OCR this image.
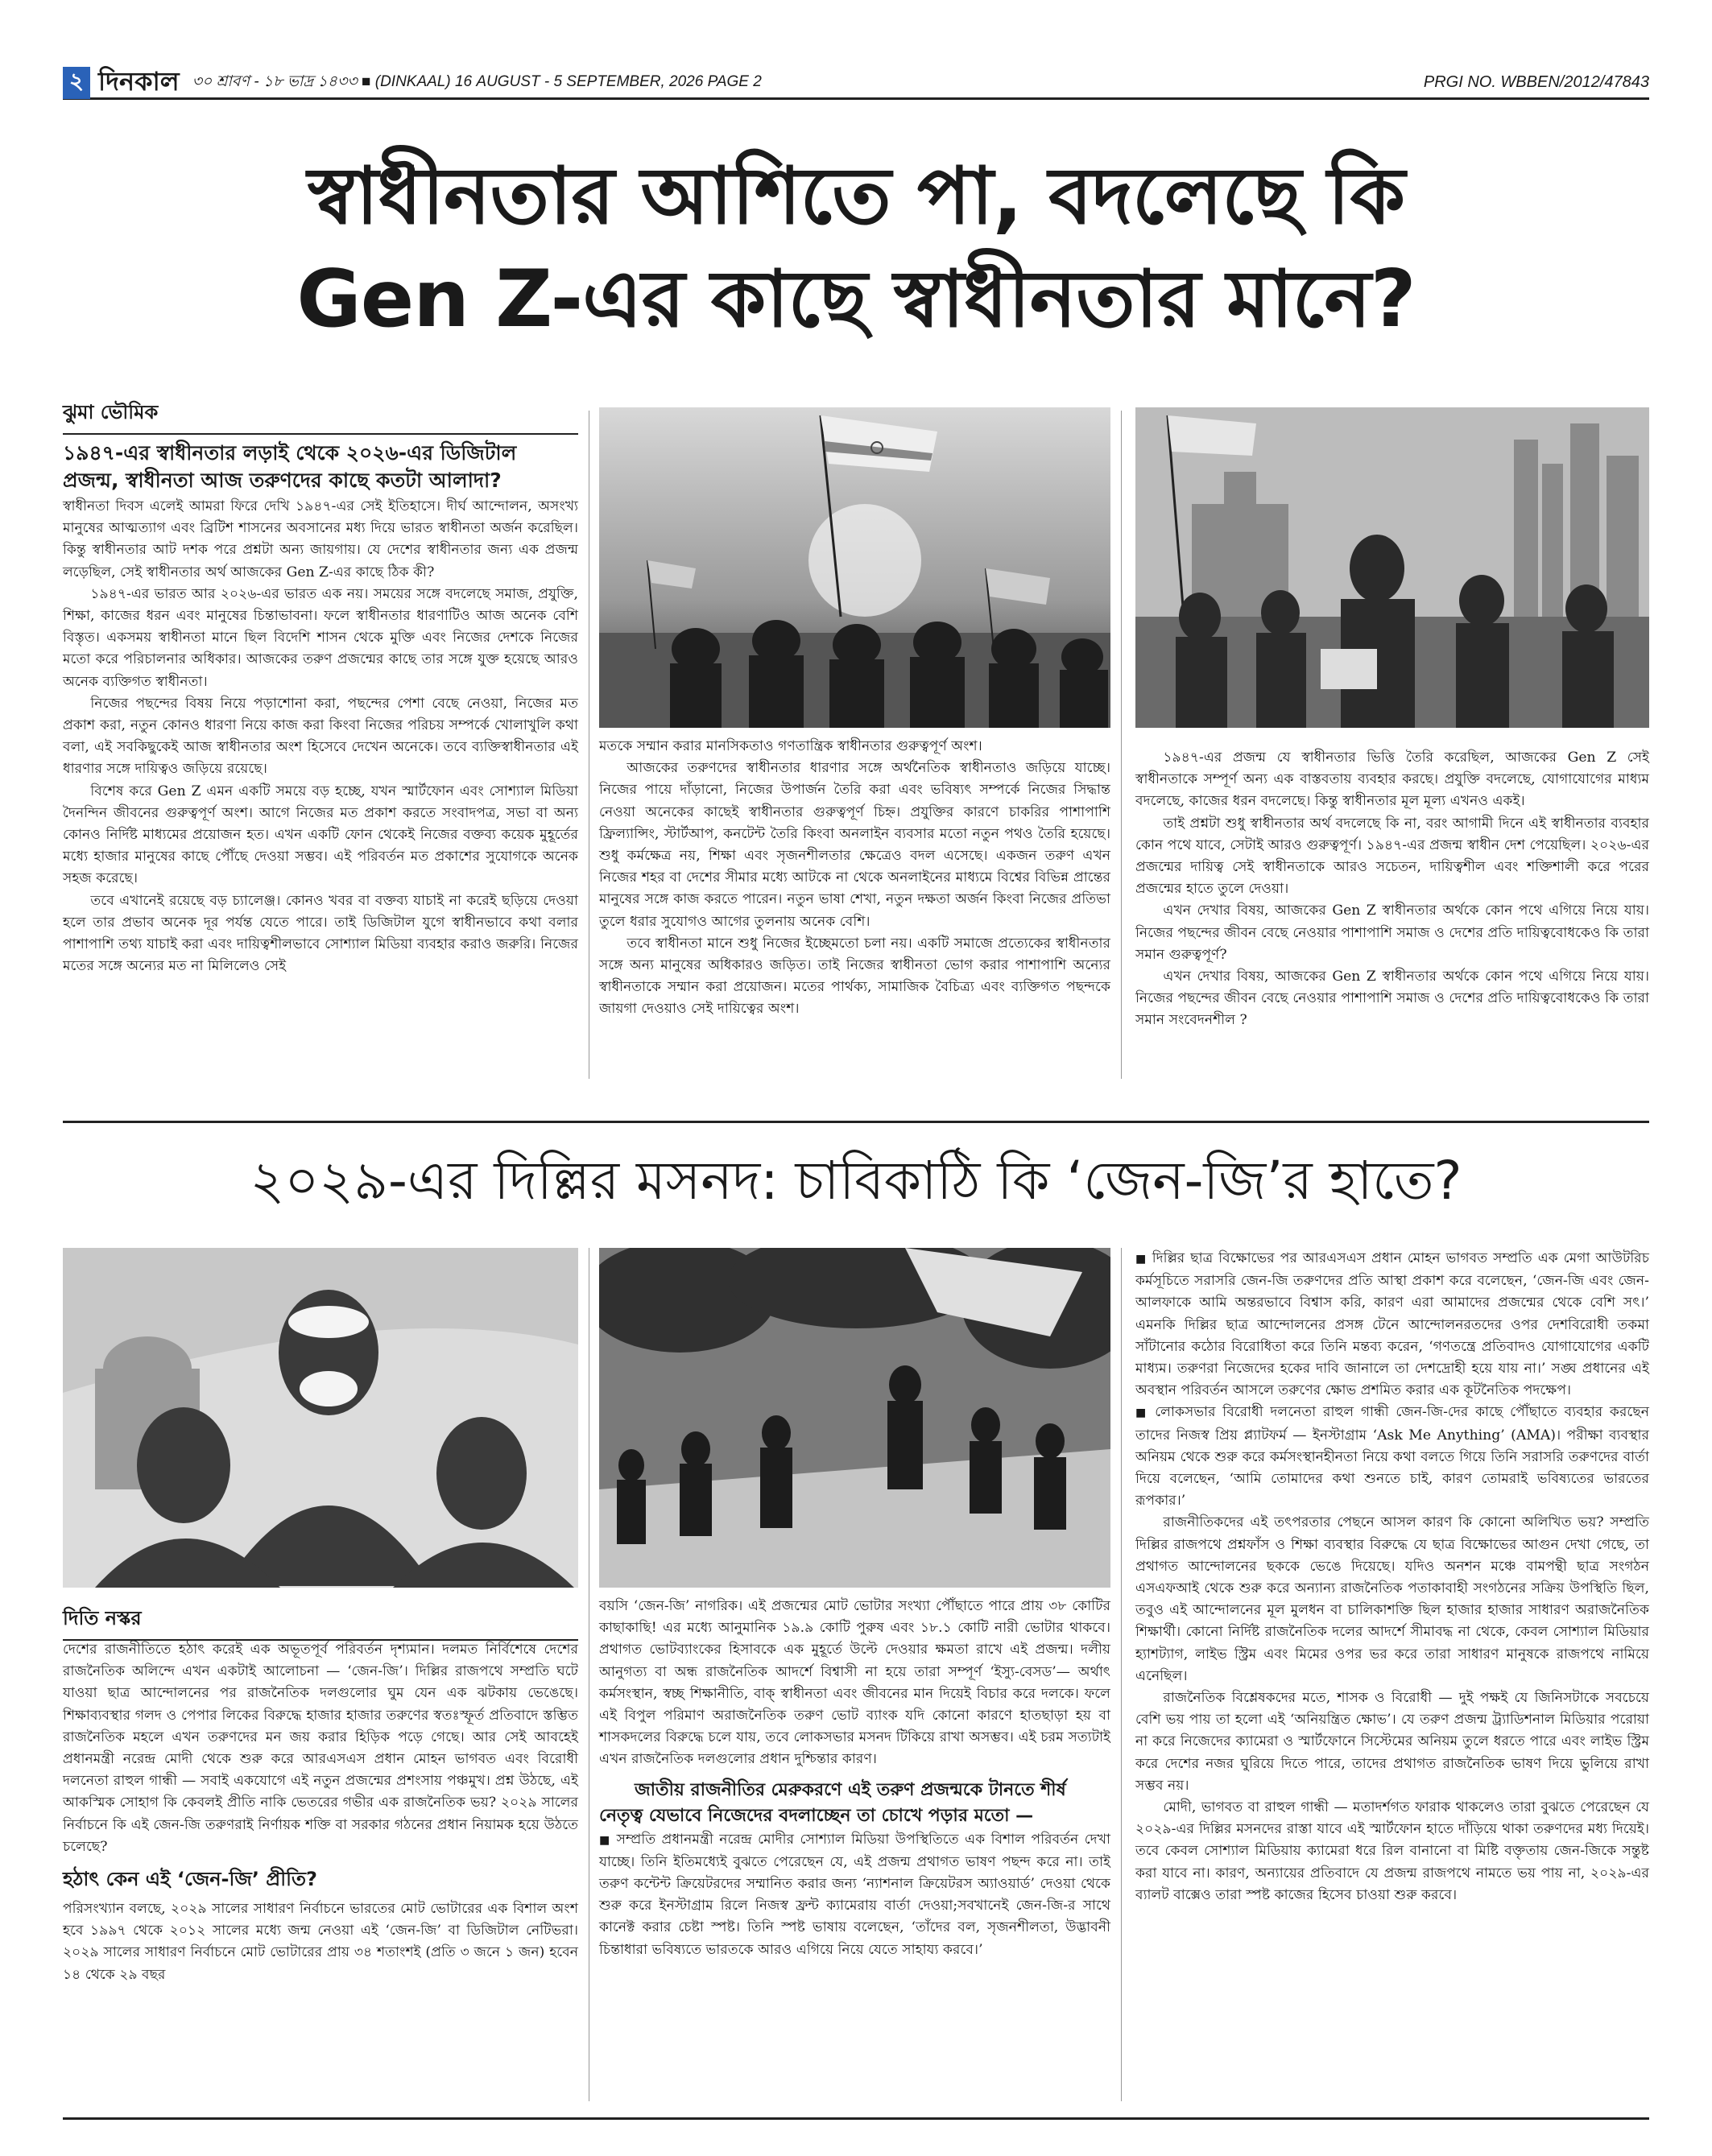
২ দিনকাল ৩০ শ্রাবণ - ১৮ ভাদ্র ১৪৩৩ ■ (DINKAAL) 16 AUGUST - 5 SEPTEMBER, 2026 PAGE 2	PRGI NO. WBBEN/2012/47843
স্বাধীনতার আশিতে পা, বদলেছে কি
Gen Z-এর কাছে স্বাধীনতার মানে?
ঝুমা ভৌমিক
১৯৪৭-এর স্বাধীনতার লড়াই থেকে ২০২৬-এর ডিজিটাল প্রজন্ম, স্বাধীনতা আজ তরুণদের কাছে কতটা আলাদা?

স্বাধীনতা দিবস এলেই আমরা ফিরে দেখি ১৯৪৭-এর সেই ইতিহাসে। দীর্ঘ আন্দোলন, অসংখ্য মানুষের আত্মত্যাগ এবং ব্রিটিশ শাসনের অবসানের মধ্য দিয়ে ভারত স্বাধীনতা অর্জন করেছিল। কিন্তু স্বাধীনতার আট দশক পরে প্রশ্নটা অন্য জায়গায়। যে দেশের স্বাধীনতার জন্য এক প্রজন্ম লড়েছিল, সেই স্বাধীনতার অর্থ আজকের Gen Z-এর কাছে ঠিক কী?

১৯৪৭-এর ভারত আর ২০২৬-এর ভারত এক নয়। সময়ের সঙ্গে বদলেছে সমাজ, প্রযুক্তি, শিক্ষা, কাজের ধরন এবং মানুষের চিন্তাভাবনা। ফলে স্বাধীনতার ধারণাটিও আজ অনেক বেশি বিস্তৃত। একসময় স্বাধীনতা মানে ছিল বিদেশি শাসন থেকে মুক্তি এবং নিজের দেশকে নিজের মতো করে পরিচালনার অধিকার। আজকের তরুণ প্রজন্মের কাছে তার সঙ্গে যুক্ত হয়েছে আরও অনেক ব্যক্তিগত স্বাধীনতা।

নিজের পছন্দের বিষয় নিয়ে পড়াশোনা করা, পছন্দের পেশা বেছে নেওয়া, নিজের মত প্রকাশ করা, নতুন কোনও ধারণা নিয়ে কাজ করা কিংবা নিজের পরিচয় সম্পর্কে খোলাখুলি কথা বলা, এই সবকিছুকেই আজ স্বাধীনতার অংশ হিসেবে দেখেন অনেকে। তবে ব্যক্তিস্বাধীনতার এই ধারণার সঙ্গে দায়িত্বও জড়িয়ে রয়েছে।

বিশেষ করে Gen Z এমন একটি সময়ে বড় হচ্ছে, যখন স্মার্টফোন এবং সোশ্যাল মিডিয়া দৈনন্দিন জীবনের গুরুত্বপূর্ণ অংশ। আগে নিজের মত প্রকাশ করতে সংবাদপত্র, সভা বা অন্য কোনও নির্দিষ্ট মাধ্যমের প্রয়োজন হত। এখন একটি ফোন থেকেই নিজের বক্তব্য কয়েক মুহূর্তের মধ্যে হাজার মানুষের কাছে পৌঁছে দেওয়া সম্ভব। এই পরিবর্তন মত প্রকাশের সুযোগকে অনেক সহজ করেছে।

তবে এখানেই রয়েছে বড় চ্যালেঞ্জ। কোনও খবর বা বক্তব্য যাচাই না করেই ছড়িয়ে দেওয়া হলে তার প্রভাব অনেক দূর পর্যন্ত যেতে পারে। তাই ডিজিটাল যুগে স্বাধীনভাবে কথা বলার পাশাপাশি তথ্য যাচাই করা এবং দায়িত্বশীলভাবে সোশ্যাল মিডিয়া ব্যবহার করাও জরুরি। নিজের মতের সঙ্গে অন্যের মত না মিলিলেও সেই

মতকে সম্মান করার মানসিকতাও গণতান্ত্রিক স্বাধীনতার গুরুত্বপূর্ণ অংশ।

আজকের তরুণদের স্বাধীনতার ধারণার সঙ্গে অর্থনৈতিক স্বাধীনতাও জড়িয়ে যাচ্ছে। নিজের পায়ে দাঁড়ানো, নিজের উপার্জন তৈরি করা এবং ভবিষ্যৎ সম্পর্কে নিজের সিদ্ধান্ত নেওয়া অনেকের কাছেই স্বাধীনতার গুরুত্বপূর্ণ চিহ্ন। প্রযুক্তির কারণে চাকরির পাশাপাশি ফ্রিল্যান্সিং, স্টার্টআপ, কনটেন্ট তৈরি কিংবা অনলাইন ব্যবসার মতো নতুন পথও তৈরি হয়েছে। শুধু কর্মক্ষেত্র নয়, শিক্ষা এবং সৃজনশীলতার ক্ষেত্রেও বদল এসেছে। একজন তরুণ এখন নিজের শহর বা দেশের সীমার মধ্যে আটকে না থেকে অনলাইনের মাধ্যমে বিশ্বের বিভিন্ন প্রান্তের মানুষের সঙ্গে কাজ করতে পারেন। নতুন ভাষা শেখা, নতুন দক্ষতা অর্জন কিংবা নিজের প্রতিভা তুলে ধরার সুযোগও আগের তুলনায় অনেক বেশি।

তবে স্বাধীনতা মানে শুধু নিজের ইচ্ছেমতো চলা নয়। একটি সমাজে প্রত্যেকের স্বাধীনতার সঙ্গে অন্য মানুষের অধিকারও জড়িত। তাই নিজের স্বাধীনতা ভোগ করার পাশাপাশি অন্যের স্বাধীনতাকে সম্মান করা প্রয়োজন। মতের পার্থক্য, সামাজিক বৈচিত্র্য এবং ব্যক্তিগত পছন্দকে জায়গা দেওয়াও সেই দায়িত্বের অংশ।

১৯৪৭-এর প্রজন্ম যে স্বাধীনতার ভিত্তি তৈরি করেছিল, আজকের Gen Z সেই স্বাধীনতাকে সম্পূর্ণ অন্য এক বাস্তবতায় ব্যবহার করছে। প্রযুক্তি বদলেছে, যোগাযোগের মাধ্যম বদলেছে, কাজের ধরন বদলেছে। কিন্তু স্বাধীনতার মূল মূল্য এখনও একই।

তাই প্রশ্নটা শুধু স্বাধীনতার অর্থ বদলেছে কি না, বরং আগামী দিনে এই স্বাধীনতার ব্যবহার কোন পথে যাবে, সেটাই আরও গুরুত্বপূর্ণ। ১৯৪৭-এর প্রজন্ম স্বাধীন দেশ পেয়েছিল। ২০২৬-এর প্রজন্মের দায়িত্ব সেই স্বাধীনতাকে আরও সচেতন, দায়িত্বশীল এবং শক্তিশালী করে পরের প্রজন্মের হাতে তুলে দেওয়া।

এখন দেখার বিষয়, আজকের Gen Z স্বাধীনতার অর্থকে কোন পথে এগিয়ে নিয়ে যায়। নিজের পছন্দের জীবন বেছে নেওয়ার পাশাপাশি সমাজ ও দেশের প্রতি দায়িত্ববোধকেও কি তারা সমান গুরুত্বপূর্ণ?

এখন দেখার বিষয়, আজকের Gen Z স্বাধীনতার অর্থকে কোন পথে এগিয়ে নিয়ে যায়। নিজের পছন্দের জীবন বেছে নেওয়ার পাশাপাশি সমাজ ও দেশের প্রতি দায়িত্ববোধকেও কি তারা সমান সংবেদনশীল ?

২০২৯-এর দিল্লির মসনদ: চাবিকাঠি কি ‘জেন-জি’র হাতে?
দিতি নস্কর

দেশের রাজনীতিতে হঠাৎ করেই এক অভূতপূর্ব পরিবর্তন দৃশ্যমান। দলমত নির্বিশেষে দেশের রাজনৈতিক অলিন্দে এখন একটাই আলোচনা — ‘জেন-জি’। দিল্লির রাজপথে সম্প্রতি ঘটে যাওয়া ছাত্র আন্দোলনের পর রাজনৈতিক দলগুলোর ঘুম যেন এক ঝটকায় ভেঙেছে। শিক্ষাব্যবস্থার গলদ ও পেপার লিকের বিরুদ্ধে হাজার হাজার তরুণের স্বতঃস্ফূর্ত প্রতিবাদে স্তম্ভিত রাজনৈতিক মহলে এখন তরুণদের মন জয় করার হিড়িক পড়ে গেছে। আর সেই আবহেই প্রধানমন্ত্রী নরেন্দ্র মোদী থেকে শুরু করে আরএসএস প্রধান মোহন ভাগবত এবং বিরোধী দলনেতা রাহুল গান্ধী — সবাই একযোগে এই নতুন প্রজন্মের প্রশংসায় পঞ্চমুখ। প্রশ্ন উঠছে, এই আকস্মিক সোহাগ কি কেবলই প্রীতি নাকি ভেতরের গভীর এক রাজনৈতিক ভয়? ২০২৯ সালের নির্বাচনে কি এই জেন-জি তরুণরাই নির্ণায়ক শক্তি বা সরকার গঠনের প্রধান নিয়ামক হয়ে উঠতে চলেছে?

হঠাৎ কেন এই ‘জেন-জি’ প্রীতি?

পরিসংখ্যান বলছে, ২০২৯ সালের সাধারণ নির্বাচনে ভারতের মোট ভোটারের এক বিশাল অংশ হবে ১৯৯৭ থেকে ২০১২ সালের মধ্যে জন্ম নেওয়া এই ‘জেন-জি’ বা ডিজিটাল নেটিভরা। ২০২৯ সালের সাধারণ নির্বাচনে মোট ভোটারের প্রায় ৩৪ শতাংশই (প্রতি ৩ জনে ১ জন) হবেন ১৪ থেকে ২৯ বছর

বয়সি ‘জেন-জি’ নাগরিক। এই প্রজন্মের মোট ভোটার সংখ্যা পৌঁছাতে পারে প্রায় ৩৮ কোটির কাছাকাছি! এর মধ্যে আনুমানিক ১৯.৯ কোটি পুরুষ এবং ১৮.১ কোটি নারী ভোটার থাকবে। প্রথাগত ভোটব্যাংকের হিসাবকে এক মুহূর্তে উল্টে দেওয়ার ক্ষমতা রাখে এই প্রজন্ম। দলীয় আনুগত্য বা অন্ধ রাজনৈতিক আদর্শে বিশ্বাসী না হয়ে তারা সম্পূর্ণ ‘ইস্যু-বেসড’— অর্থাৎ কর্মসংস্থান, স্বচ্ছ শিক্ষানীতি, বাক্ স্বাধীনতা এবং জীবনের মান দিয়েই বিচার করে দলকে। ফলে এই বিপুল পরিমাণ অরাজনৈতিক তরুণ ভোট ব্যাংক যদি কোনো কারণে হাতছাড়া হয় বা শাসকদলের বিরুদ্ধে চলে যায়, তবে লোকসভার মসনদ টিকিয়ে রাখা অসম্ভব। এই চরম সত্যটাই এখন রাজনৈতিক দলগুলোর প্রধান দুশ্চিন্তার কারণ।

জাতীয় রাজনীতির মেরুকরণে এই তরুণ প্রজন্মকে টানতে শীর্ষ নেতৃত্ব যেভাবে নিজেদের বদলাচ্ছেন তা চোখে পড়ার মতো —

■ সম্প্রতি প্রধানমন্ত্রী নরেন্দ্র মোদীর সোশ্যাল মিডিয়া উপস্থিতিতে এক বিশাল পরিবর্তন দেখা যাচ্ছে। তিনি ইতিমধ্যেই বুঝতে পেরেছেন যে, এই প্রজন্ম প্রথাগত ভাষণ পছন্দ করে না। তাই তরুণ কন্টেন্ট ক্রিয়েটরদের সম্মানিত করার জন্য ‘ন্যাশনাল ক্রিয়েটরস অ্যাওয়ার্ড’ দেওয়া থেকে শুরু করে ইনস্টাগ্রাম রিলে নিজস্ব ফ্রন্ট ক্যামেরায় বার্তা দেওয়া;সবখানেই জেন-জি-র সাথে কানেক্ট করার চেষ্টা স্পষ্ট। তিনি স্পষ্ট ভাষায় বলেছেন, ‘তাঁদের বল, সৃজনশীলতা, উদ্ভাবনী চিন্তাধারা ভবিষ্যতে ভারতকে আরও এগিয়ে নিয়ে যেতে সাহায্য করবে।’

■ দিল্লির ছাত্র বিক্ষোভের পর আরএসএস প্রধান মোহন ভাগবত সম্প্রতি এক মেগা আউটরিচ কর্মসূচিতে সরাসরি জেন-জি তরুণদের প্রতি আস্থা প্রকাশ করে বলেছেন, ‘জেন-জি এবং জেন-আলফাকে আমি অন্তরভাবে বিশ্বাস করি, কারণ এরা আমাদের প্রজন্মের থেকে বেশি সৎ।’ এমনকি দিল্লির ছাত্র আন্দোলনের প্রসঙ্গ টেনে আন্দোলনরতদের ওপর দেশবিরোধী তকমা সাঁটানোর কঠোর বিরোধিতা করে তিনি মন্তব্য করেন, ‘গণতন্ত্রে প্রতিবাদও যোগাযোগের একটি মাধ্যম। তরুণরা নিজেদের হকের দাবি জানালে তা দেশদ্রোহী হয়ে যায় না।’ সঙ্ঘ প্রধানের এই অবস্থান পরিবর্তন আসলে তরুণের ক্ষোভ প্রশমিত করার এক কূটনৈতিক পদক্ষেপ।

■ লোকসভার বিরোধী দলনেতা রাহুল গান্ধী জেন-জি-দের কাছে পৌঁছাতে ব্যবহার করছেন তাদের নিজস্ব প্রিয় প্ল্যাটফর্ম — ইনস্টাগ্রাম ‘Ask Me Anything’ (AMA)। পরীক্ষা ব্যবস্থার অনিয়ম থেকে শুরু করে কর্মসংস্থানহীনতা নিয়ে কথা বলতে গিয়ে তিনি সরাসরি তরুণদের বার্তা দিয়ে বলেছেন, ‘আমি তোমাদের কথা শুনতে চাই, কারণ তোমরাই ভবিষ্যতের ভারতের রূপকার।’

রাজনীতিকদের এই তৎপরতার পেছনে আসল কারণ কি কোনো অলিখিত ভয়? সম্প্রতি দিল্লির রাজপথে প্রশ্নফাঁস ও শিক্ষা ব্যবস্থার বিরুদ্ধে যে ছাত্র বিক্ষোভের আগুন দেখা গেছে, তা প্রথাগত আন্দোলনের ছককে ভেঙে দিয়েছে। যদিও অনশন মঞ্চে বামপন্থী ছাত্র সংগঠন এসএফআই থেকে শুরু করে অন্যান্য রাজনৈতিক পতাকাবাহী সংগঠনের সক্রিয় উপস্থিতি ছিল, তবুও এই আন্দোলনের মূল মুলধন বা চালিকাশক্তি ছিল হাজার হাজার সাধারণ অরাজনৈতিক শিক্ষার্থী। কোনো নির্দিষ্ট রাজনৈতিক দলের আদর্শে সীমাবদ্ধ না থেকে, কেবল সোশ্যাল মিডিয়ার হ্যাশট্যাগ, লাইভ স্ট্রিম এবং মিমের ওপর ভর করে তারা সাধারণ মানুষকে রাজপথে নামিয়ে এনেছিল।

রাজনৈতিক বিশ্লেষকদের মতে, শাসক ও বিরোধী — দুই পক্ষই যে জিনিসটাকে সবচেয়ে বেশি ভয় পায় তা হলো এই ‘অনিয়ন্ত্রিত ক্ষোভ’। যে তরুণ প্রজন্ম ট্র্যাডিশনাল মিডিয়ার পরোয়া না করে নিজেদের ক্যামেরা ও স্মার্টফোনে সিস্টেমের অনিয়ম তুলে ধরতে পারে এবং লাইভ স্ট্রিম করে দেশের নজর ঘুরিয়ে দিতে পারে, তাদের প্রথাগত রাজনৈতিক ভাষণ দিয়ে ভুলিয়ে রাখা সম্ভব নয়।

মোদী, ভাগবত বা রাহুল গান্ধী — মতাদর্শগত ফারাক থাকলেও তারা বুঝতে পেরেছেন যে ২০২৯-এর দিল্লির মসনদের রাস্তা যাবে এই স্মার্টফোন হাতে দাঁড়িয়ে থাকা তরুণদের মধ্য দিয়েই। তবে কেবল সোশ্যাল মিডিয়ায় ক্যামেরা ধরে রিল বানানো বা মিষ্টি বক্তৃতায় জেন-জিকে সন্তুষ্ট করা যাবে না। কারণ, অন্যায়ের প্রতিবাদে যে প্রজন্ম রাজপথে নামতে ভয় পায় না, ২০২৯-এর ব্যালট বাক্সেও তারা স্পষ্ট কাজের হিসেব চাওয়া শুরু করবে।
